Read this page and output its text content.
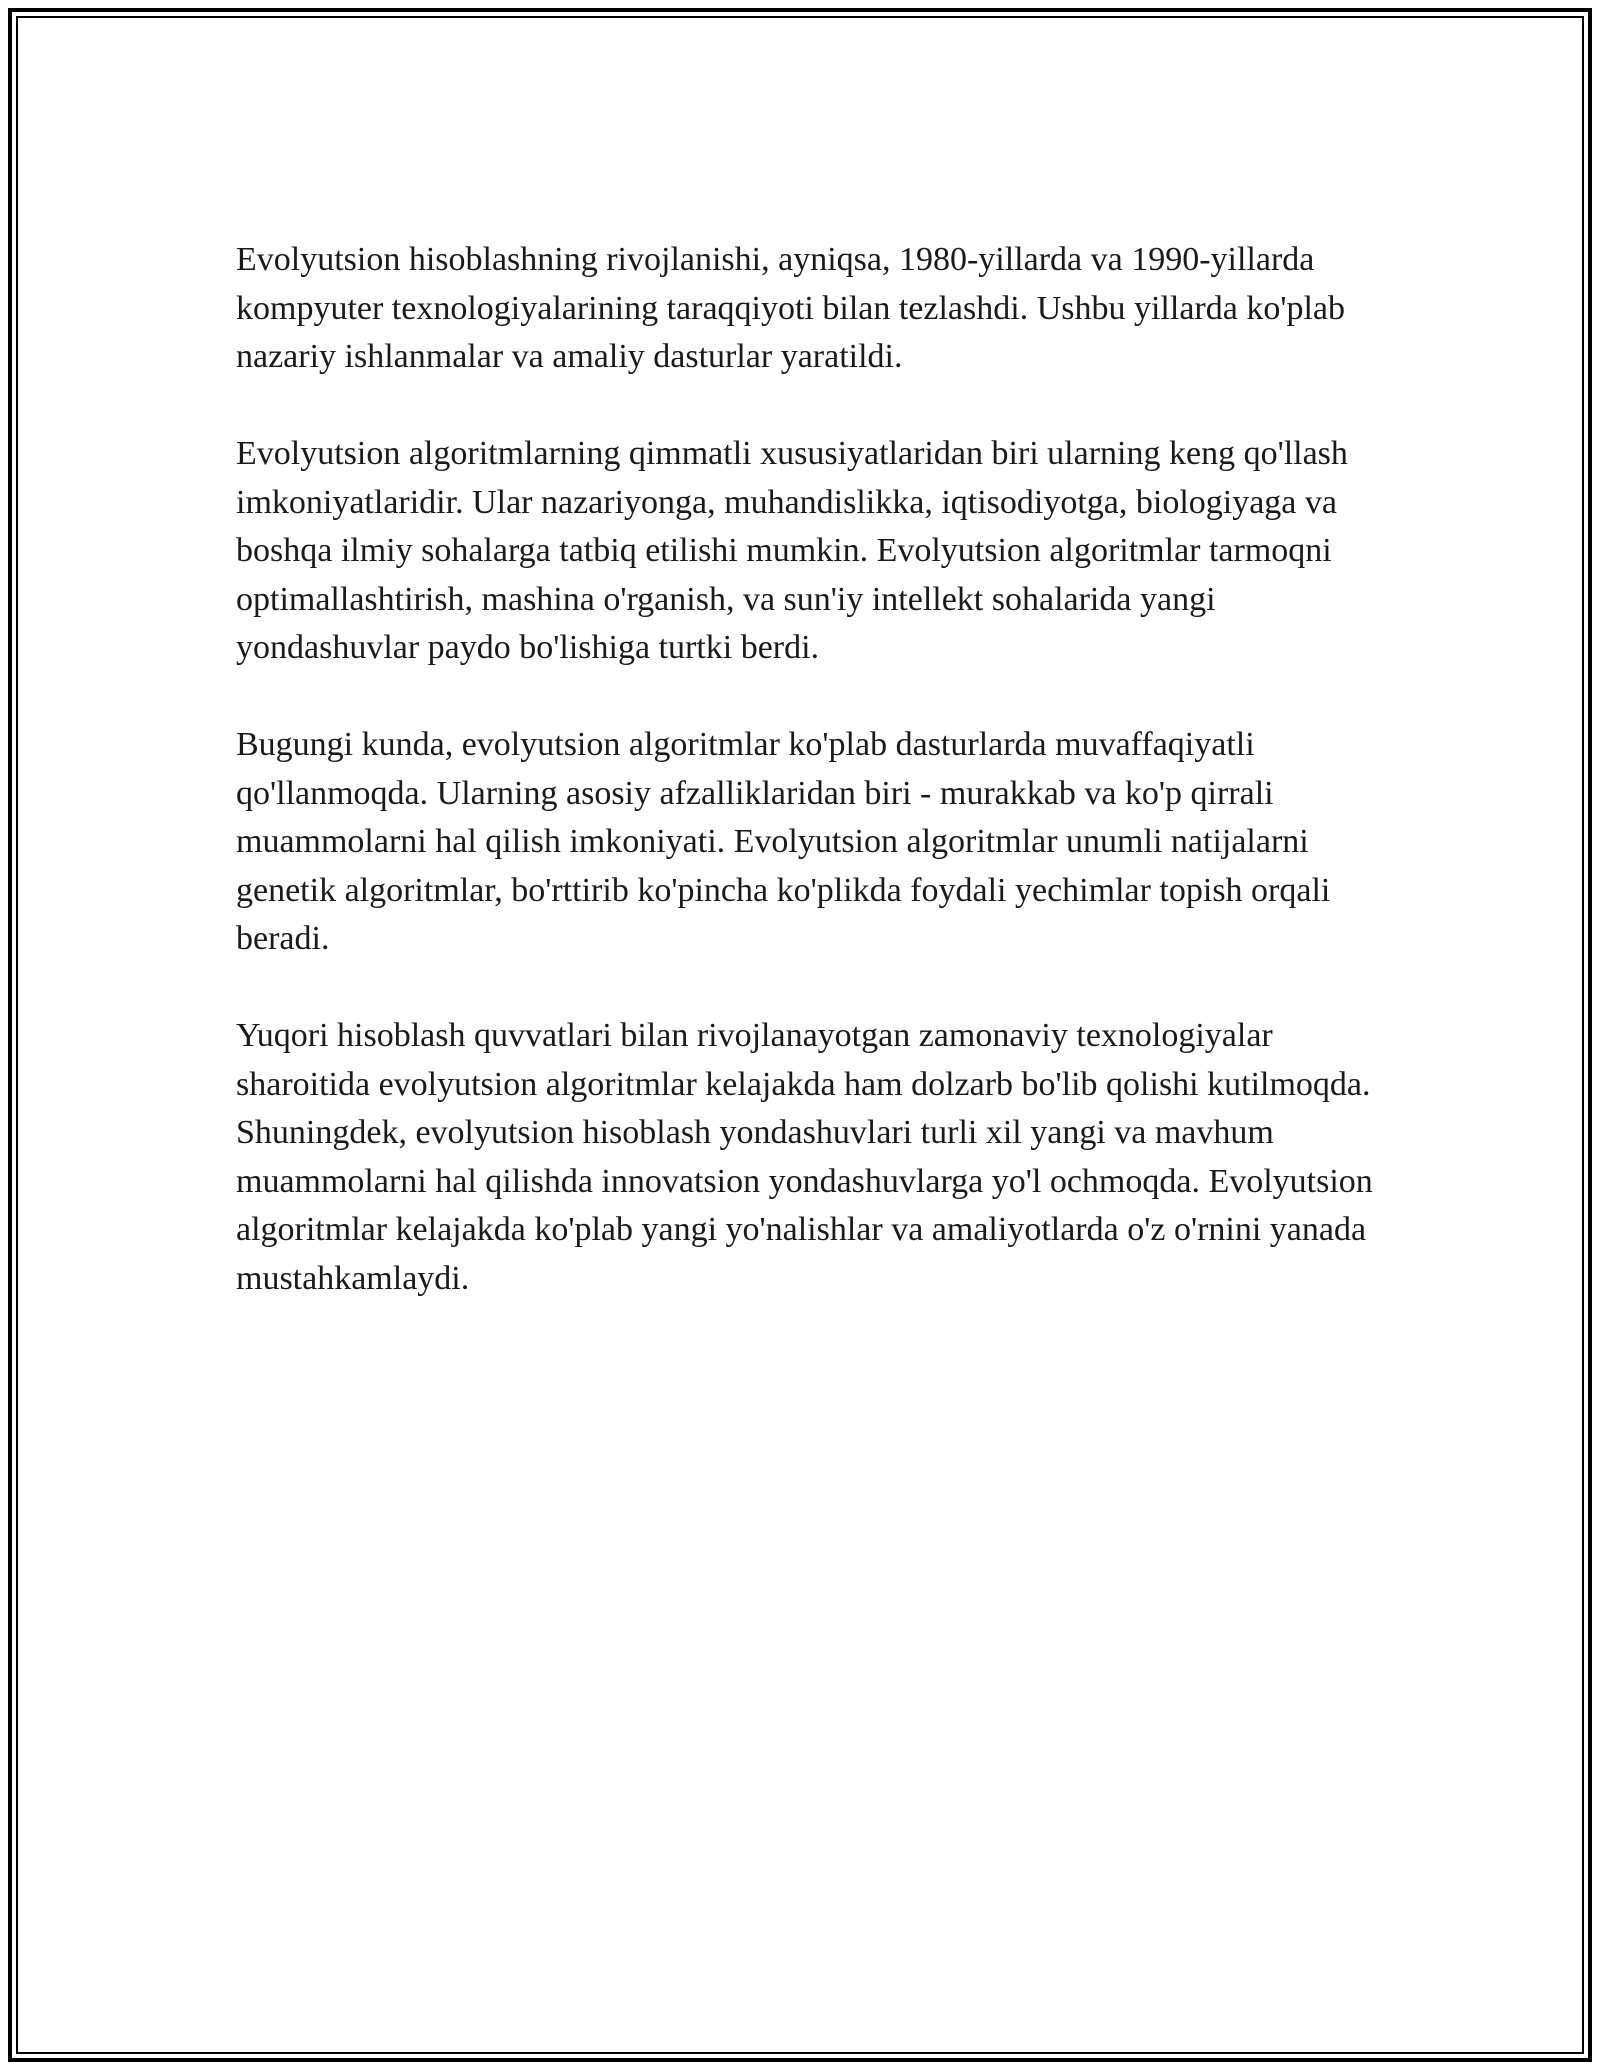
Evolyutsion hisoblashning rivojlanishi, ayniqsa, 1980-yillarda va 1990-yillarda kompyuter texnologiyalarining taraqqiyoti bilan tezlashdi. Ushbu yillarda ko'plab nazariy ishlanmalar va amaliy dasturlar yaratildi.

Evolyutsion algoritmlarning qimmatli xususiyatlaridan biri ularning keng qo'llash imkoniyatlaridir. Ular nazariyonga, muhandislikka, iqtisodiyotga, biologiyaga va boshqa ilmiy sohalarga tatbiq etilishi mumkin. Evolyutsion algoritmlar tarmoqni optimallashtirish, mashina o'rganish, va sun'iy intellekt sohalarida yangi yondashuvlar paydo bo'lishiga turtki berdi.

Bugungi kunda, evolyutsion algoritmlar ko'plab dasturlarda muvaffaqiyatli qo'llanmoqda. Ularning asosiy afzalliklaridan biri - murakkab va ko'p qirrali muammolarni hal qilish imkoniyati. Evolyutsion algoritmlar unumli natijalarni genetik algoritmlar, bo'rttirib ko'pincha ko'plikda foydali yechimlar topish orqali beradi.

Yuqori hisoblash quvvatlari bilan rivojlanayotgan zamonaviy texnologiyalar sharoitida evolyutsion algoritmlar kelajakda ham dolzarb bo'lib qolishi kutilmoqda. Shuningdek, evolyutsion hisoblash yondashuvlari turli xil yangi va mavhum muammolarni hal qilishda innovatsion yondashuvlarga yo'l ochmoqda. Evolyutsion algoritmlar kelajakda ko'plab yangi yo'nalishlar va amaliyotlarda o'z o'rnini yanada mustahkamlaydi.
